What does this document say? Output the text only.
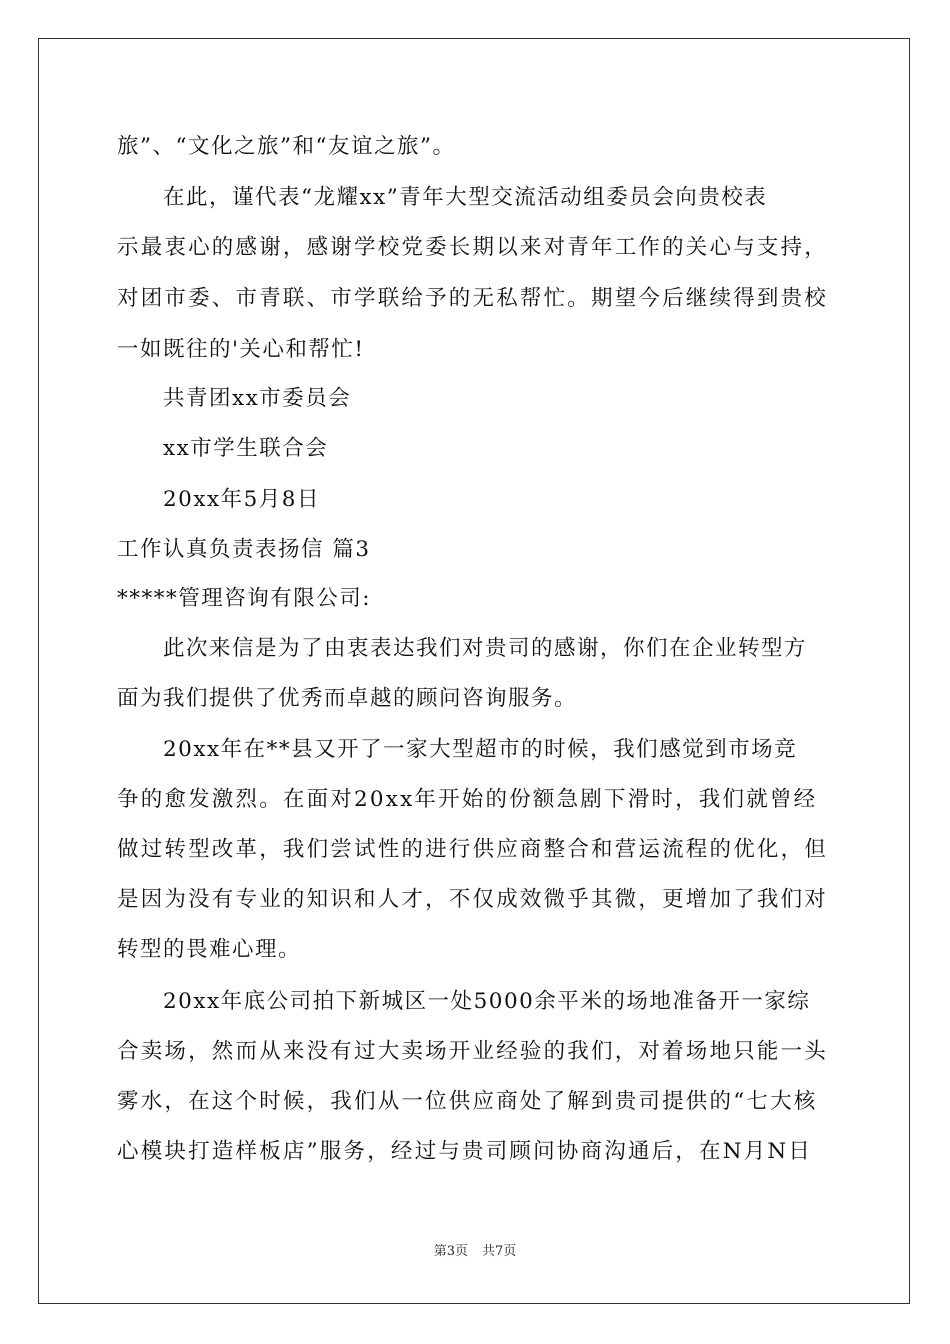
旅”、“文化之旅”和“友谊之旅”。
在此，谨代表“龙耀xx”青年大型交流活动组委员会向贵校表
示最衷心的感谢，感谢学校党委长期以来对青年工作的关心与支持，
对团市委、市青联、市学联给予的无私帮忙。期望今后继续得到贵校
一如既往的'关心和帮忙!
共青团xx市委员会
xx市学生联合会
20xx年5月8日
工作认真负责表扬信 篇3
*****管理咨询有限公司:
此次来信是为了由衷表达我们对贵司的感谢，你们在企业转型方
面为我们提供了优秀而卓越的顾问咨询服务。
20xx年在**县又开了一家大型超市的时候，我们感觉到市场竞
争的愈发激烈。在面对20xx年开始的份额急剧下滑时，我们就曾经
做过转型改革，我们尝试性的进行供应商整合和营运流程的优化，但
是因为没有专业的知识和人才，不仅成效微乎其微，更增加了我们对
转型的畏难心理。
20xx年底公司拍下新城区一处5000余平米的场地准备开一家综
合卖场，然而从来没有过大卖场开业经验的我们，对着场地只能一头
雾水，在这个时候，我们从一位供应商处了解到贵司提供的“七大核
心模块打造样板店”服务，经过与贵司顾问协商沟通后，在N月N日
第3页 共7页
